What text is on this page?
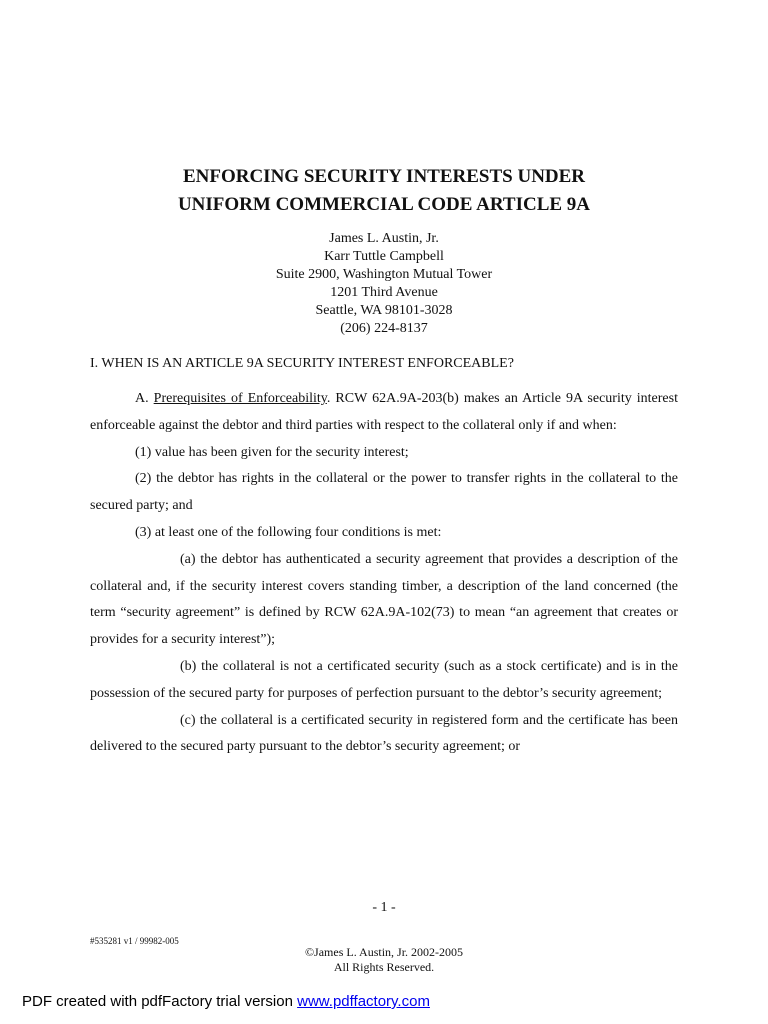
ENFORCING SECURITY INTERESTS UNDER
UNIFORM COMMERCIAL CODE ARTICLE 9A
James L. Austin, Jr.
Karr Tuttle Campbell
Suite 2900, Washington Mutual Tower
1201 Third Avenue
Seattle, WA 98101-3028
(206) 224-8137
I. WHEN IS AN ARTICLE 9A SECURITY INTEREST ENFORCEABLE?

A. Prerequisites of Enforceability. RCW 62A.9A-203(b) makes an Article 9A security interest enforceable against the debtor and third parties with respect to the collateral only if and when:

(1) value has been given for the security interest;

(2) the debtor has rights in the collateral or the power to transfer rights in the collateral to the secured party; and

(3) at least one of the following four conditions is met:

(a) the debtor has authenticated a security agreement that provides a description of the collateral and, if the security interest covers standing timber, a description of the land concerned (the term “security agreement” is defined by RCW 62A.9A-102(73) to mean “an agreement that creates or provides for a security interest”);

(b) the collateral is not a certificated security (such as a stock certificate) and is in the possession of the secured party for purposes of perfection pursuant to the debtor’s security agreement;

(c) the collateral is a certificated security in registered form and the certificate has been delivered to the secured party pursuant to the debtor’s security agreement; or

- 1 -
#535281 v1 / 99982-005
©James L. Austin, Jr. 2002-2005
All Rights Reserved.
PDF created with pdfFactory trial version www.pdffactory.com
